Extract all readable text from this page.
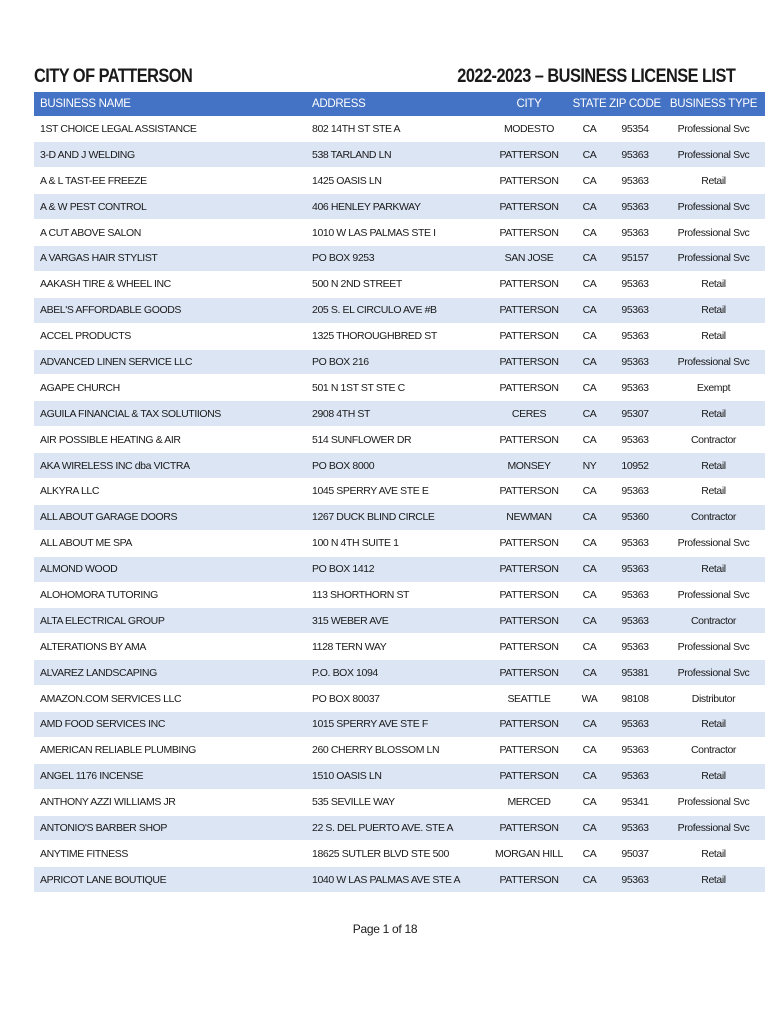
CITY OF PATTERSON	2022-2023 – BUSINESS LICENSE LIST
BUSINESS NAME	ADDRESS	CITY	STATE	ZIP CODE	BUSINESS TYPE
1ST CHOICE LEGAL ASSISTANCE	802 14TH ST STE A	MODESTO	CA	95354	Professional Svc
3-D AND J WELDING	538 TARLAND LN	PATTERSON	CA	95363	Professional Svc
A & L TAST-EE FREEZE	1425 OASIS LN	PATTERSON	CA	95363	Retail
A & W PEST CONTROL	406 HENLEY PARKWAY	PATTERSON	CA	95363	Professional Svc
A CUT ABOVE SALON	1010 W LAS PALMAS STE I	PATTERSON	CA	95363	Professional Svc
A VARGAS HAIR STYLIST	PO BOX 9253	SAN JOSE	CA	95157	Professional Svc
AAKASH TIRE & WHEEL INC	500 N 2ND STREET	PATTERSON	CA	95363	Retail
ABEL'S AFFORDABLE GOODS	205 S. EL CIRCULO AVE #B	PATTERSON	CA	95363	Retail
ACCEL PRODUCTS	1325 THOROUGHBRED ST	PATTERSON	CA	95363	Retail
ADVANCED LINEN SERVICE LLC	PO BOX 216	PATTERSON	CA	95363	Professional Svc
AGAPE CHURCH	501 N 1ST ST STE C	PATTERSON	CA	95363	Exempt
AGUILA FINANCIAL & TAX SOLUTIIONS	2908 4TH ST	CERES	CA	95307	Retail
AIR POSSIBLE HEATING & AIR	514 SUNFLOWER DR	PATTERSON	CA	95363	Contractor
AKA WIRELESS INC dba VICTRA	PO BOX 8000	MONSEY	NY	10952	Retail
ALKYRA LLC	1045 SPERRY AVE STE E	PATTERSON	CA	95363	Retail
ALL ABOUT GARAGE DOORS	1267 DUCK BLIND CIRCLE	NEWMAN	CA	95360	Contractor
ALL ABOUT ME SPA	100 N 4TH SUITE 1	PATTERSON	CA	95363	Professional Svc
ALMOND WOOD	PO BOX 1412	PATTERSON	CA	95363	Retail
ALOHOMORA TUTORING	113 SHORTHORN ST	PATTERSON	CA	95363	Professional Svc
ALTA ELECTRICAL GROUP	315 WEBER AVE	PATTERSON	CA	95363	Contractor
ALTERATIONS BY AMA	1128 TERN WAY	PATTERSON	CA	95363	Professional Svc
ALVAREZ LANDSCAPING	P.O. BOX 1094	PATTERSON	CA	95381	Professional Svc
AMAZON.COM SERVICES LLC	PO BOX 80037	SEATTLE	WA	98108	Distributor
AMD FOOD SERVICES INC	1015 SPERRY AVE STE F	PATTERSON	CA	95363	Retail
AMERICAN RELIABLE PLUMBING	260 CHERRY BLOSSOM LN	PATTERSON	CA	95363	Contractor
ANGEL 1176 INCENSE	1510 OASIS LN	PATTERSON	CA	95363	Retail
ANTHONY AZZI WILLIAMS JR	535 SEVILLE WAY	MERCED	CA	95341	Professional Svc
ANTONIO'S BARBER SHOP	22 S. DEL PUERTO AVE. STE A	PATTERSON	CA	95363	Professional Svc
ANYTIME FITNESS	18625 SUTLER BLVD STE 500	MORGAN HILL	CA	95037	Retail
APRICOT LANE BOUTIQUE	1040 W LAS PALMAS AVE STE A	PATTERSON	CA	95363	Retail
Page 1 of 18
